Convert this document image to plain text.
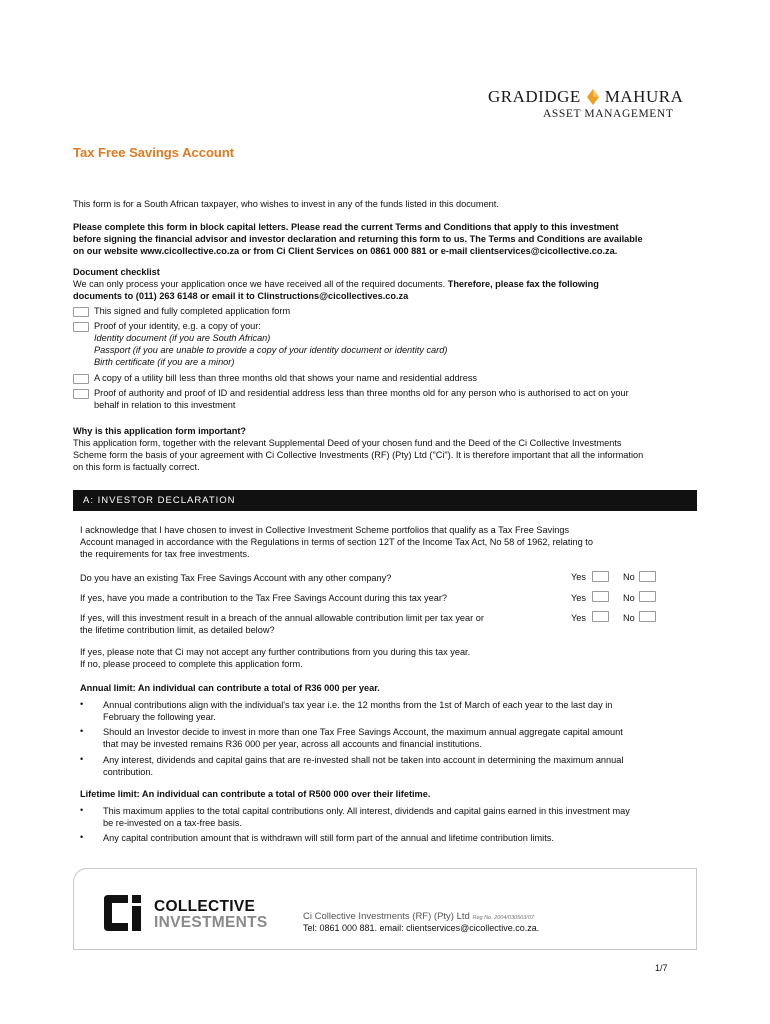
GRADIDGE MAHURA
ASSET MANAGEMENT
Tax Free Savings Account
This form is for a South African taxpayer, who wishes to invest in any of the funds listed in this document.
Please complete this form in block capital letters. Please read the current Terms and Conditions that apply to this investment
before signing the financial advisor and investor declaration and returning this form to us. The Terms and Conditions are available
on our website www.cicollective.co.za or from Ci Client Services on 0861 000 881 or e-mail clientservices@cicollective.co.za.
Document checklist
We can only process your application once we have received all of the required documents. Therefore, please fax the following
documents to (011) 263 6148 or email it to CIinstructions@cicollectives.co.za
This signed and fully completed application form
Proof of your identity, e.g. a copy of your:
Identity document (if you are South African)
Passport (if you are unable to provide a copy of your identity document or identity card)
Birth certificate (if you are a minor)
A copy of a utility bill less than three months old that shows your name and residential address
Proof of authority and proof of ID and residential address less than three months old for any person who is authorised to act on your
behalf in relation to this investment
Why is this application form important?
This application form, together with the relevant Supplemental Deed of your chosen fund and the Deed of the Ci Collective Investments
Scheme form the basis of your agreement with Ci Collective Investments (RF) (Pty) Ltd ("Ci"). It is therefore important that all the information
on this form is factually correct.
A: INVESTOR DECLARATION
I acknowledge that I have chosen to invest in Collective Investment Scheme portfolios that qualify as a Tax Free Savings
Account managed in accordance with the Regulations in terms of section 12T of the Income Tax Act, No 58 of 1962, relating to
the requirements for tax free investments.
Do you have an existing Tax Free Savings Account with any other company?	Yes	No
If yes, have you made a contribution to the Tax Free Savings Account during this tax year?	Yes	No
If yes, will this investment result in a breach of the annual allowable contribution limit per tax year or
the lifetime contribution limit, as detailed below?
Yes	No
If yes, please note that Ci may not accept any further contributions from you during this tax year.
If no, please proceed to complete this application form.
Annual limit: An individual can contribute a total of R36 000 per year.
• Annual contributions align with the individual's tax year i.e. the 12 months from the 1st of March of each year to the last day in
February the following year.
• Should an Investor decide to invest in more than one Tax Free Savings Account, the maximum annual aggregate capital amount
that may be invested remains R36 000 per year, across all accounts and financial institutions.
• Any interest, dividends and capital gains that are re-invested shall not be taken into account in determining the maximum annual
contribution.
Lifetime limit: An individual can contribute a total of R500 000 over their lifetime.
• This maximum applies to the total capital contributions only. All interest, dividends and capital gains earned in this investment may
be re-invested on a tax-free basis.
• Any capital contribution amount that is withdrawn will still form part of the annual and lifetime contribution limits.
COLLECTIVE
INVESTMENTS	Ci Collective Investments (RF) (Pty) Ltd Reg No. 2004/030503/07
Tel: 0861 000 881. email: clientservices@cicollective.co.za.
1/7
